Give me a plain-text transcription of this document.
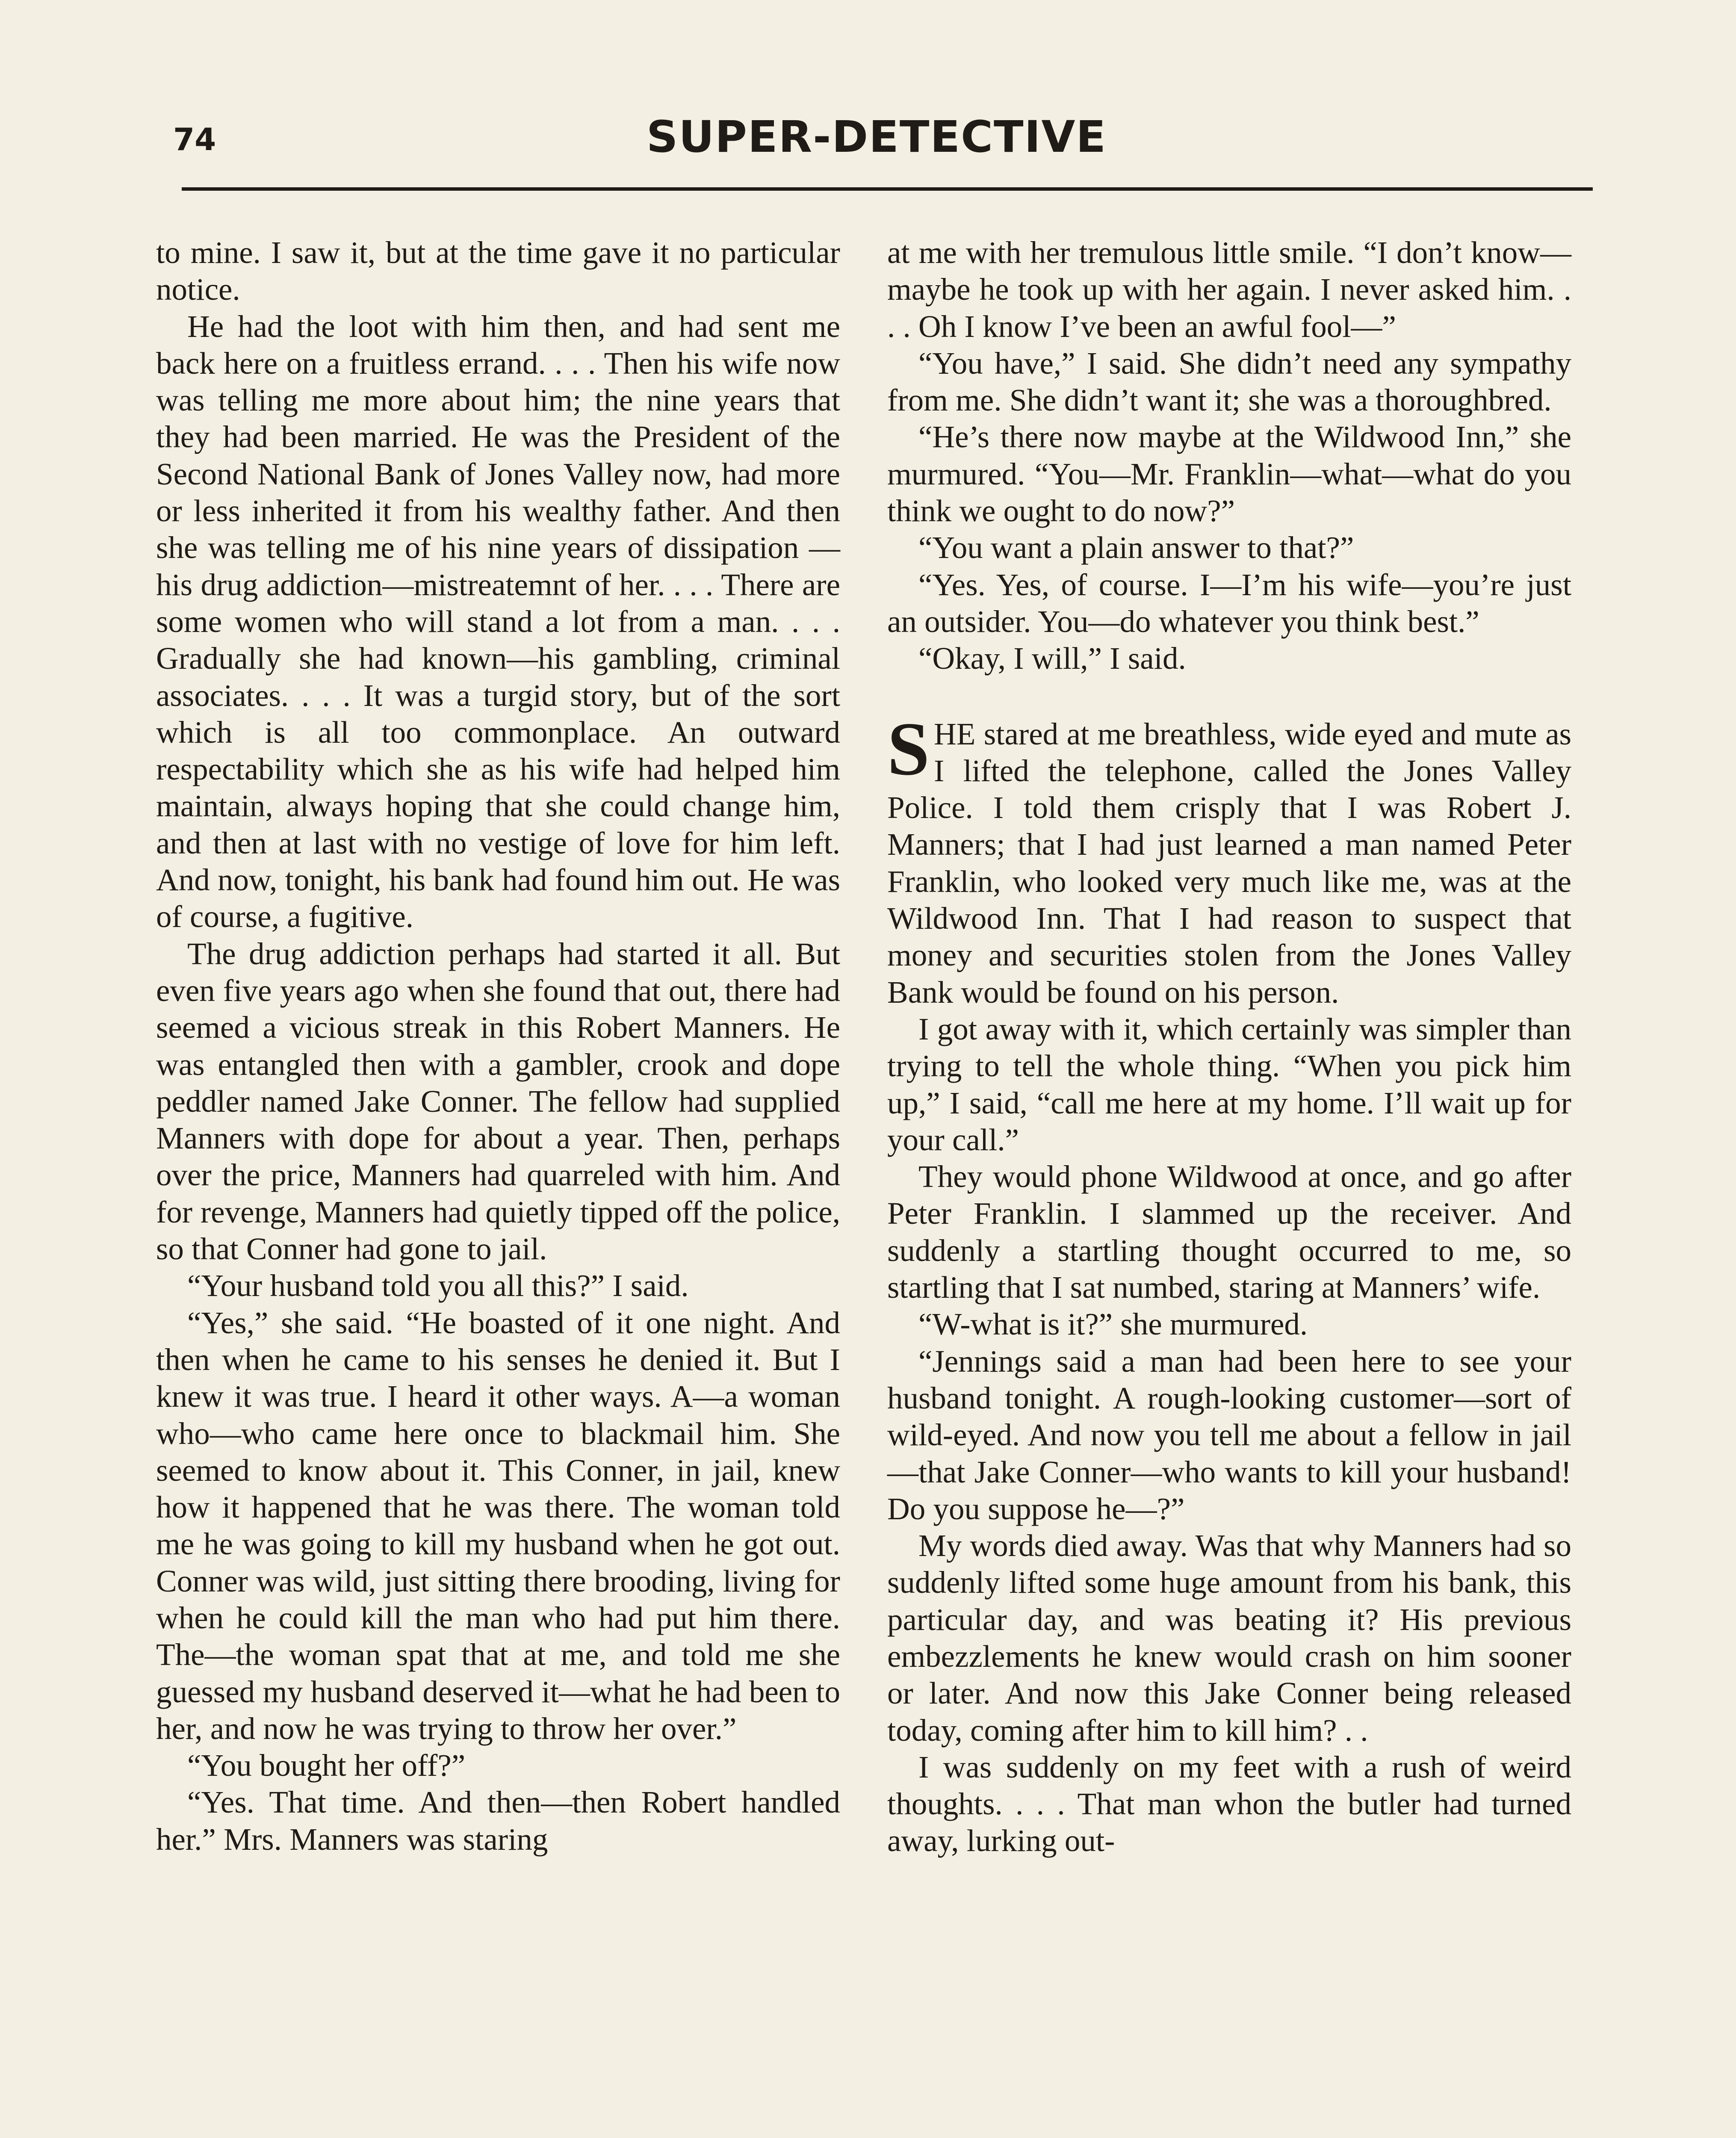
74	SUPER-DETECTIVE

to mine. I saw it, but at the time gave it no particular notice.

He had the loot with him then, and had sent me back here on a fruitless errand. . . . Then his wife now was telling me more about him; the nine years that they had been married. He was the President of the Second National Bank of Jones Valley now, had more or less inherited it from his wealthy father. And then she was telling me of his nine years of dissipation —his drug addiction—mistreatemnt of her. . . . There are some women who will stand a lot from a man. . . . Gradually she had known—his gambling, criminal associates. . . . It was a turgid story, but of the sort which is all too commonplace. An outward respectability which she as his wife had helped him maintain, always hoping that she could change him, and then at last with no vestige of love for him left. And now, tonight, his bank had found him out. He was of course, a fugitive.

The drug addiction perhaps had started it all. But even five years ago when she found that out, there had seemed a vicious streak in this Robert Manners. He was entangled then with a gambler, crook and dope peddler named Jake Conner. The fellow had supplied Manners with dope for about a year. Then, perhaps over the price, Manners had quarreled with him. And for revenge, Manners had quietly tipped off the police, so that Conner had gone to jail.

“Your husband told you all this?” I said.

“Yes,” she said. “He boasted of it one night. And then when he came to his senses he denied it. But I knew it was true. I heard it other ways. A—a woman who—who came here once to blackmail him. She seemed to know about it. This Conner, in jail, knew how it happened that he was there. The woman told me he was going to kill my husband when he got out. Conner was wild, just sitting there brooding, living for when he could kill the man who had put him there. The—the woman spat that at me, and told me she guessed my husband deserved it—what he had been to her, and now he was trying to throw her over.”

“You bought her off?”

“Yes. That time. And then—then Robert handled her.” Mrs. Manners was staring

at me with her tremulous little smile. “I don’t know—maybe he took up with her again. I never asked him. . . . Oh I know I’ve been an awful fool—”

“You have,” I said. She didn’t need any sympathy from me. She didn’t want it; she was a thoroughbred.

“He’s there now maybe at the Wildwood Inn,” she murmured. “You—Mr. Franklin—what—what do you think we ought to do now?”

“You want a plain answer to that?”

“Yes. Yes, of course. I—I’m his wife—you’re just an outsider. You—do whatever you think best.”

“Okay, I will,” I said.

SHE stared at me breathless, wide eyed and mute as I lifted the telephone, called the Jones Valley Police. I told them crisply that I was Robert J. Manners; that I had just learned a man named Peter Franklin, who looked very much like me, was at the Wildwood Inn. That I had reason to suspect that money and securities stolen from the Jones Valley Bank would be found on his person.

I got away with it, which certainly was simpler than trying to tell the whole thing. “When you pick him up,” I said, “call me here at my home. I’ll wait up for your call.”

They would phone Wildwood at once, and go after Peter Franklin. I slammed up the receiver. And suddenly a startling thought occurred to me, so startling that I sat numbed, staring at Manners’ wife.

“W-what is it?” she murmured.

“Jennings said a man had been here to see your husband tonight. A rough-looking customer—sort of wild-eyed. And now you tell me about a fellow in jail—that Jake Conner—who wants to kill your husband! Do you suppose he—?”

My words died away. Was that why Manners had so suddenly lifted some huge amount from his bank, this particular day, and was beating it? His previous embezzlements he knew would crash on him sooner or later. And now this Jake Conner being released today, coming after him to kill him? . .

I was suddenly on my feet with a rush of weird thoughts. . . . That man whon the butler had turned away, lurking out-
